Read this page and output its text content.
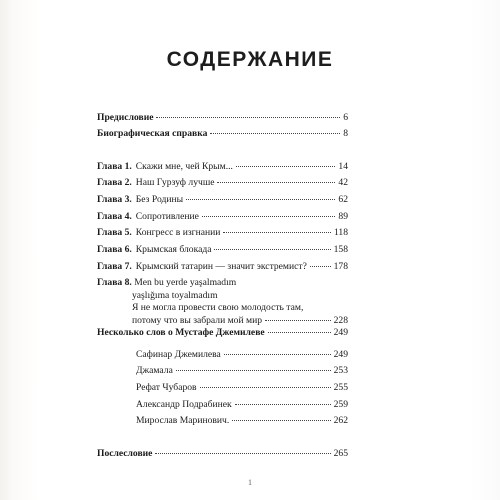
СОДЕРЖАНИЕ
Предисловие	6
Биографическая справка	8
Глава 1. Скажи мне, чей Крым...	14
Глава 2. Наш Гурзуф лучше	42
Глава 3. Без Родины	62
Глава 4. Сопротивление	89
Глава 5. Конгресс в изгнании	118
Глава 6. Крымская блокада	158
Глава 7. Крымский татарин — значит экстремист?	178
Глава 8. Men bu yerde yaşalmadım
yaşlığıma toyalmadım
Я не могла провести свою молодость там,
потому что вы забрали мой мир	228
Несколько слов о Мустафе Джемилеве	249
Сафинар Джемилева	249
Джамала	253
Рефат Чубаров	255
Александр Подрабинек	259
Мирослав Маринович.	262
Послесловие	265
1
